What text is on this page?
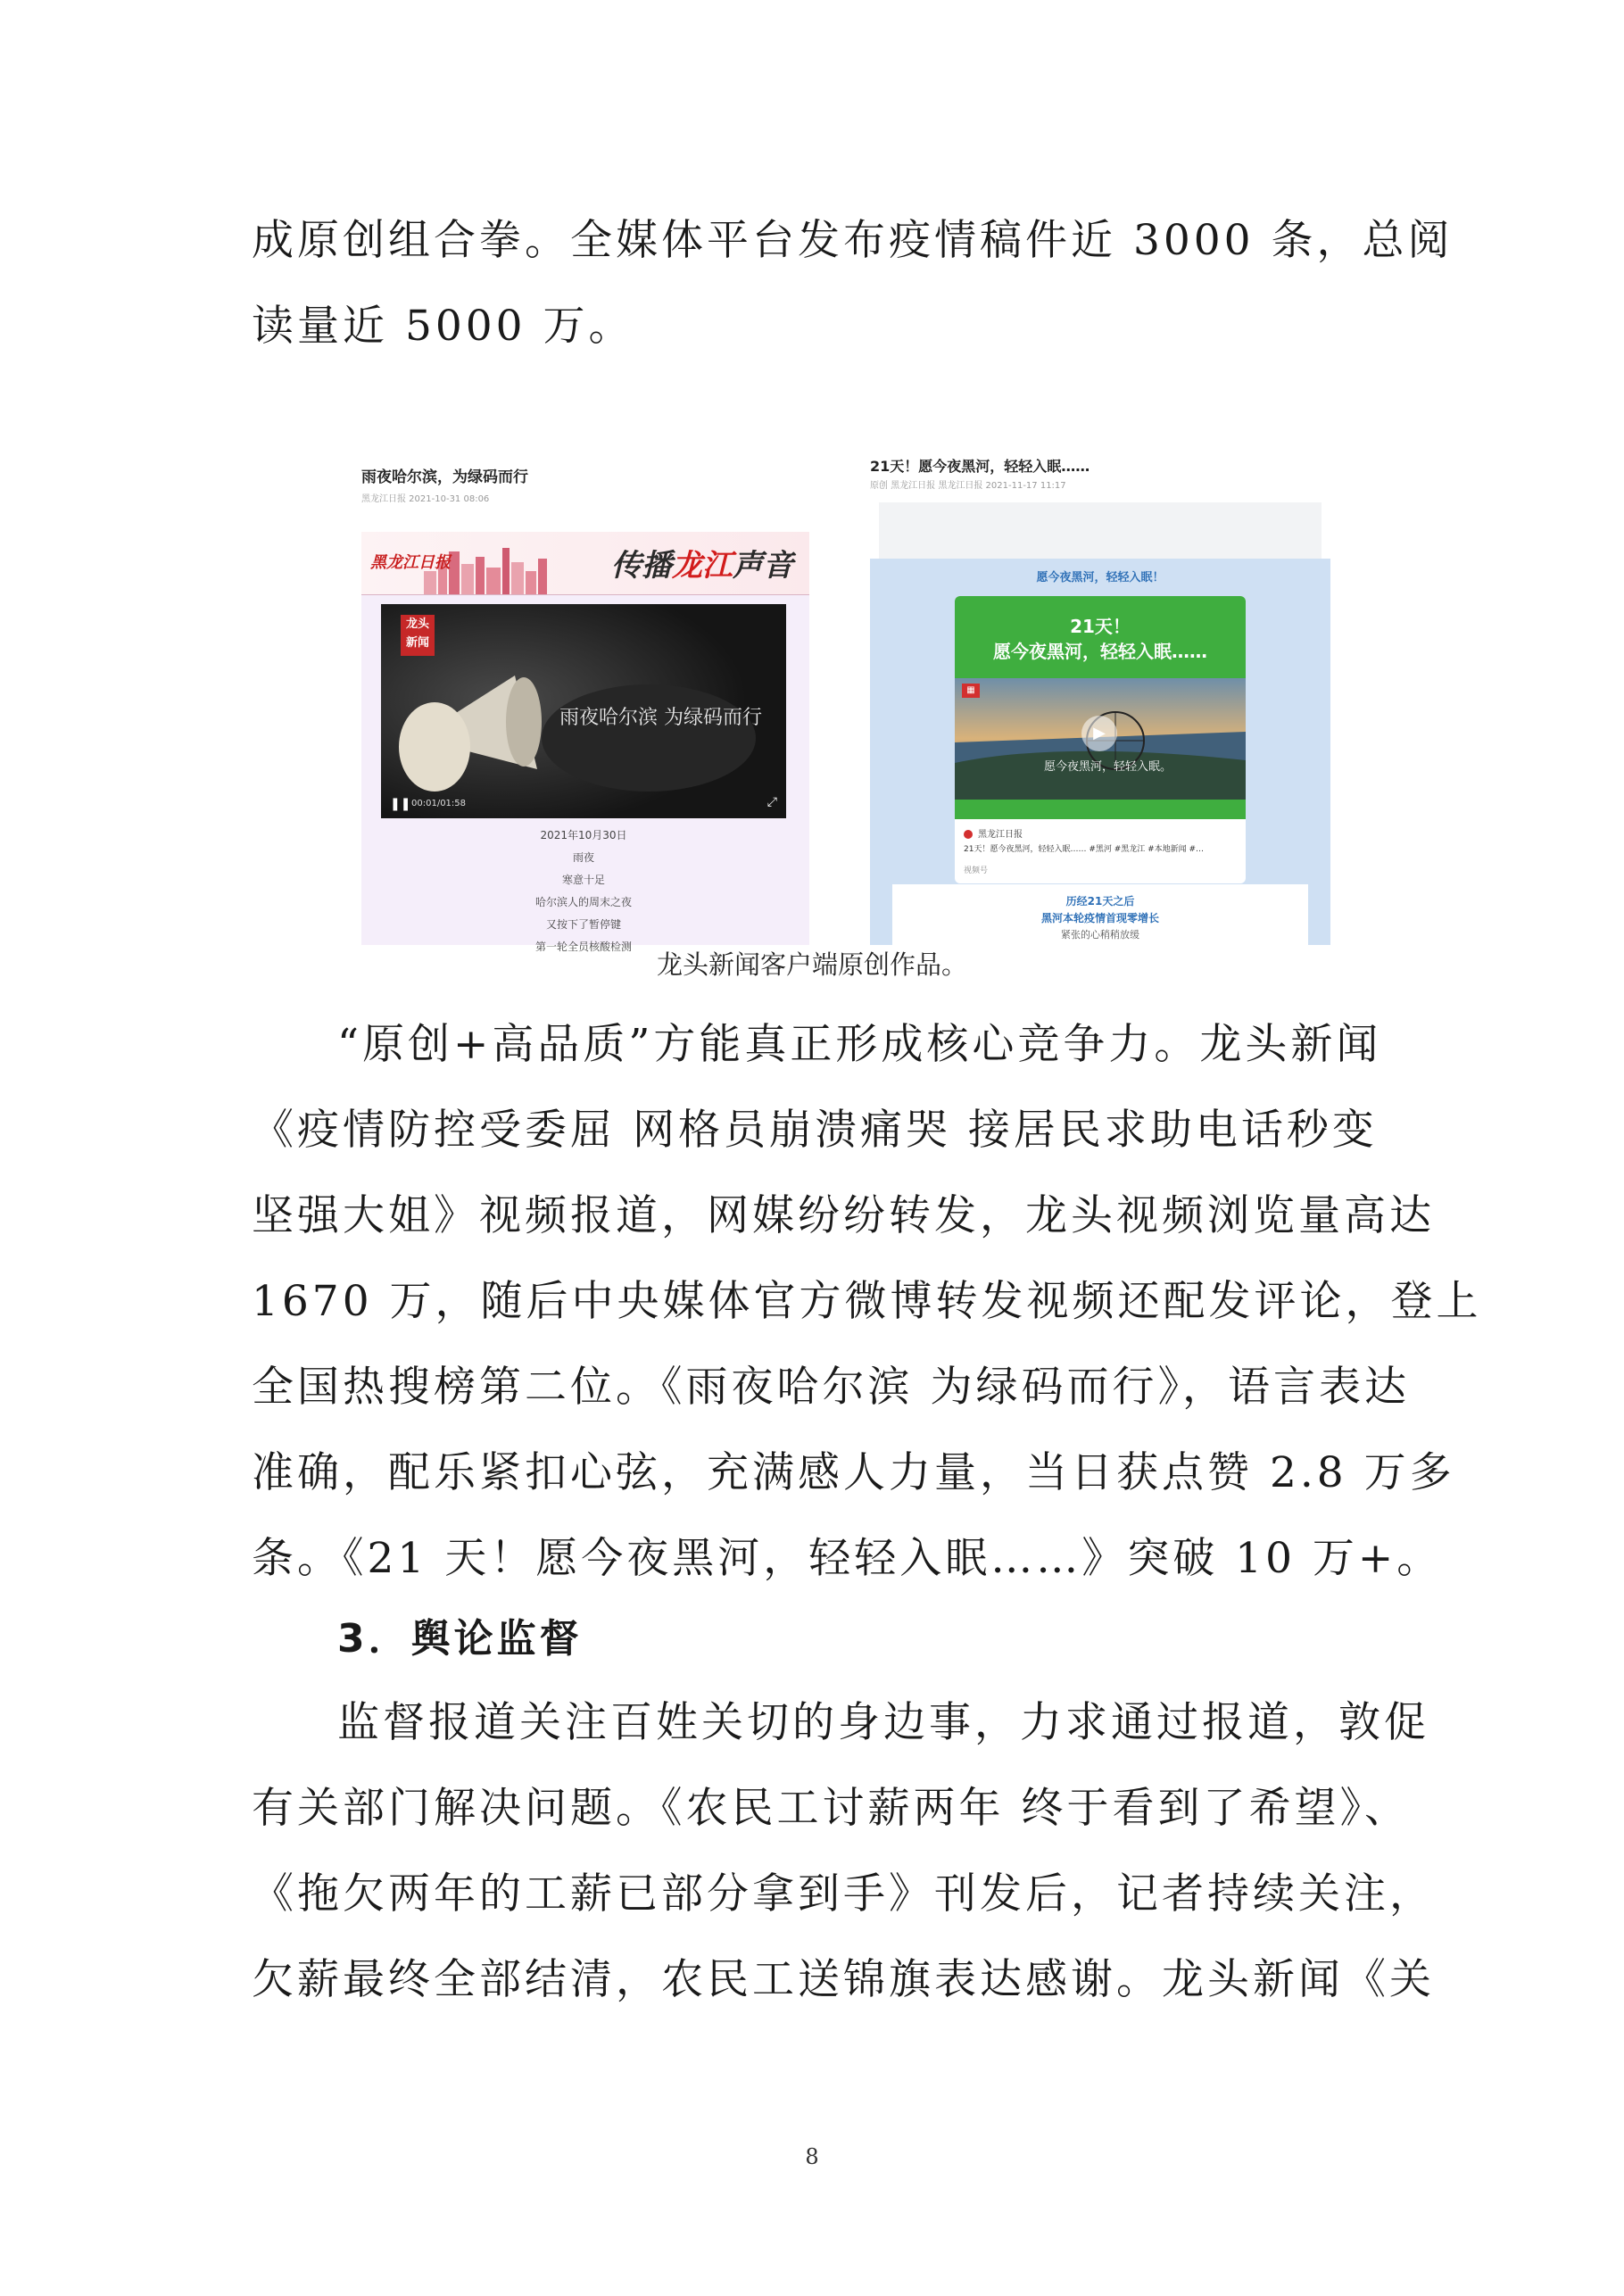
成原创组合拳。全媒体平台发布疫情稿件近 3000 条，总阅
读量近 5000 万。
雨夜哈尔滨，为绿码而行
黑龙江日报 2021-10-31 08:06
黑龙江日报	传播龙江声音
龙头
新闻
雨夜哈尔滨 为绿码而行
❚❚ 00:01/01:58	⤢
2021年10月30日
雨夜
寒意十足
哈尔滨人的周末之夜
又按下了暂停键
第一轮全员核酸检测
21天！愿今夜黑河，轻轻入眠……
原创 黑龙江日报 黑龙江日报 2021-11-17 11:17
愿今夜黑河，轻轻入眠！
21天！
愿今夜黑河，轻轻入眠……
▦
▶
愿今夜黑河，轻轻入眠。
黑龙江日报
21天！愿今夜黑河，轻轻入眠…… #黑河 #黑龙江 #本地新闻 #…
视频号
历经21天之后
黑河本轮疫情首现零增长
紧张的心稍稍放缓
龙头新闻客户端原创作品。
“原创+高品质”方能真正形成核心竞争力。龙头新闻
《疫情防控受委屈 网格员崩溃痛哭 接居民求助电话秒变
坚强大姐》视频报道，网媒纷纷转发，龙头视频浏览量高达
1670 万，随后中央媒体官方微博转发视频还配发评论，登上
全国热搜榜第二位。《雨夜哈尔滨 为绿码而行》，语言表达
准确，配乐紧扣心弦，充满感人力量，当日获点赞 2.8 万多
条。《21 天！愿今夜黑河，轻轻入眠……》突破 10 万+。
3．舆论监督
监督报道关注百姓关切的身边事，力求通过报道，敦促
有关部门解决问题。《农民工讨薪两年 终于看到了希望》、
《拖欠两年的工薪已部分拿到手》刊发后，记者持续关注，
欠薪最终全部结清，农民工送锦旗表达感谢。龙头新闻《关
8
